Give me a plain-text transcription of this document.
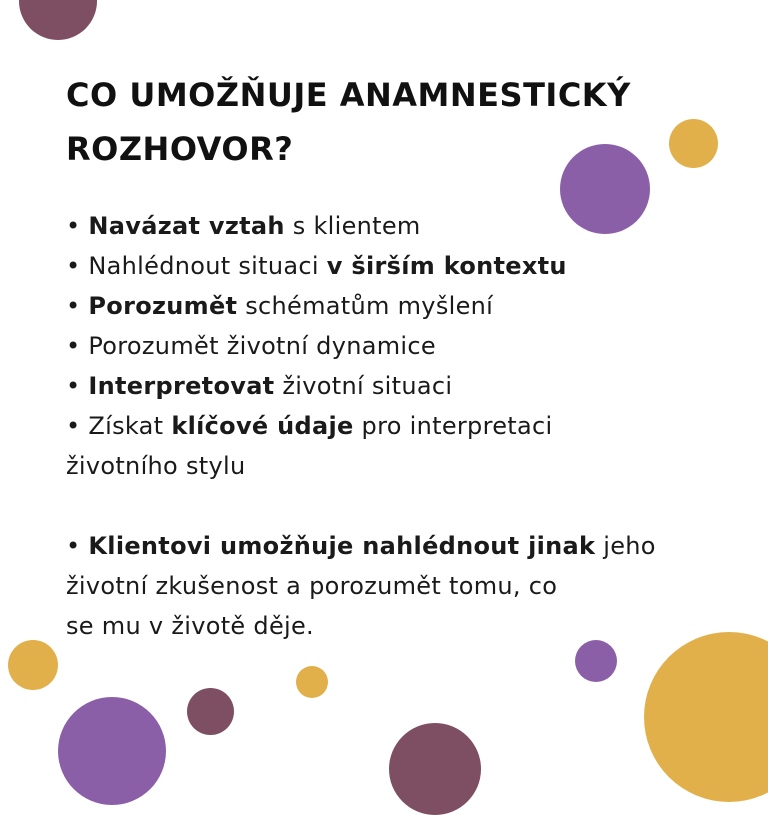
CO UMOŽŇUJE ANAMNESTICKÝ ROZHOVOR?
• Navázat vztah s klientem
• Nahlédnout situaci v širším kontextu
• Porozumět schématům myšlení
• Porozumět životní dynamice
• Interpretovat životní situaci
• Získat klíčové údaje pro interpretaci
životního stylu
• Klientovi umožňuje nahlédnout jinak jeho
životní zkušenost a porozumět tomu, co
se mu v životě děje.
